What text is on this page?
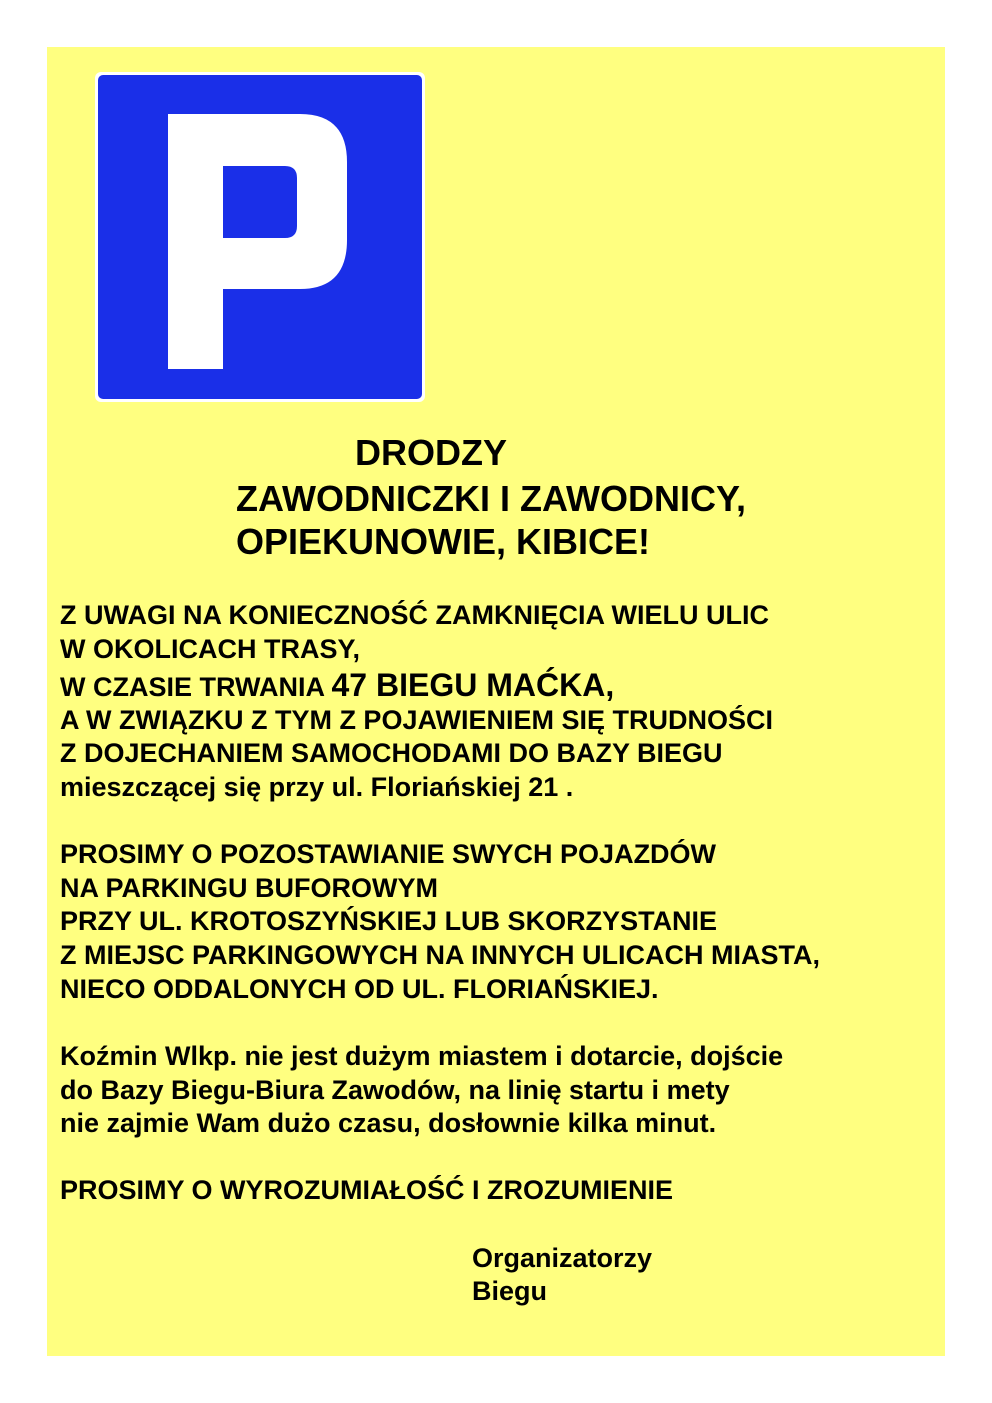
DRODZY

ZAWODNICZKI I ZAWODNICY,

OPIEKUNOWIE, KIBICE!

Z UWAGI NA KONIECZNOŚĆ ZAMKNIĘCIA WIELU ULIC

W OKOLICACH TRASY,

W CZASIE TRWANIA 47 BIEGU MAĆKA,

A W ZWIĄZKU Z TYM Z POJAWIENIEM SIĘ TRUDNOŚCI

Z DOJECHANIEM SAMOCHODAMI DO BAZY BIEGU

mieszczącej się przy ul. Floriańskiej 21 .

PROSIMY O POZOSTAWIANIE SWYCH POJAZDÓW

NA PARKINGU BUFOROWYM

PRZY UL. KROTOSZYŃSKIEJ LUB SKORZYSTANIE

Z MIEJSC PARKINGOWYCH NA INNYCH ULICACH MIASTA,

NIECO ODDALONYCH OD UL. FLORIAŃSKIEJ.

Koźmin Wlkp. nie jest dużym miastem i dotarcie, dojście

do Bazy Biegu-Biura Zawodów, na linię startu i mety

nie zajmie Wam dużo czasu, dosłownie kilka minut.

PROSIMY O WYROZUMIAŁOŚĆ I ZROZUMIENIE

Organizatorzy

Biegu
